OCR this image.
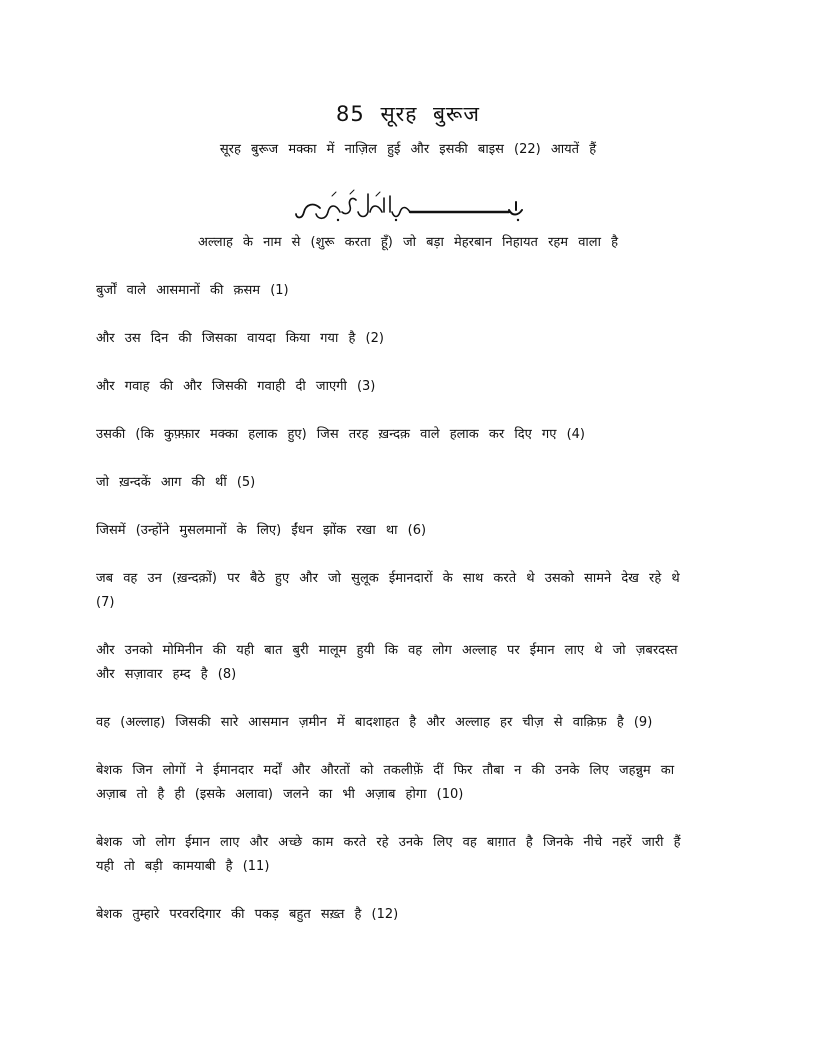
85 सूरह बुरूज
सूरह बुरूज मक्का में नाज़िल हुई और इसकी बाइस (22) आयतें हैं
अल्लाह के नाम से (शुरू करता हूँ) जो बड़ा मेहरबान निहायत रहम वाला है
बुर्जों वाले आसमानों की क़सम (1)
और उस दिन की जिसका वायदा किया गया है (2)
और गवाह की और जिसकी गवाही दी जाएगी (3)
उसकी (कि कुफ़्फ़ार मक्का हलाक हुए) जिस तरह ख़न्दक़ वाले हलाक कर दिए गए (4)
जो ख़न्दकें आग की थीं (5)
जिसमें (उन्होंने मुसलमानों के लिए) ईंधन झोंक रखा था (6)
जब वह उन (ख़न्दक़ों) पर बैठे हुए और जो सुलूक ईमानदारों के साथ करते थे उसको सामने देख रहे थे (7)
और उनको मोमिनीन की यही बात बुरी मालूम हुयी कि वह लोग अल्लाह पर ईमान लाए थे जो ज़बरदस्त और सज़ावार हम्द है (8)
वह (अल्लाह) जिसकी सारे आसमान ज़मीन में बादशाहत है और अल्लाह हर चीज़ से वाक़िफ़ है (9)
बेशक जिन लोगों ने ईमानदार मर्दों और औरतों को तकलीफ़ें दीं फिर तौबा न की उनके लिए जहन्नुम का अज़ाब तो है ही (इसके अलावा) जलने का भी अज़ाब होगा (10)
बेशक जो लोग ईमान लाए और अच्छे काम करते रहे उनके लिए वह बाग़ात है जिनके नीचे नहरें जारी हैं यही तो बड़ी कामयाबी है (11)
बेशक तुम्हारे परवरदिगार की पकड़ बहुत सख़्त है (12)
